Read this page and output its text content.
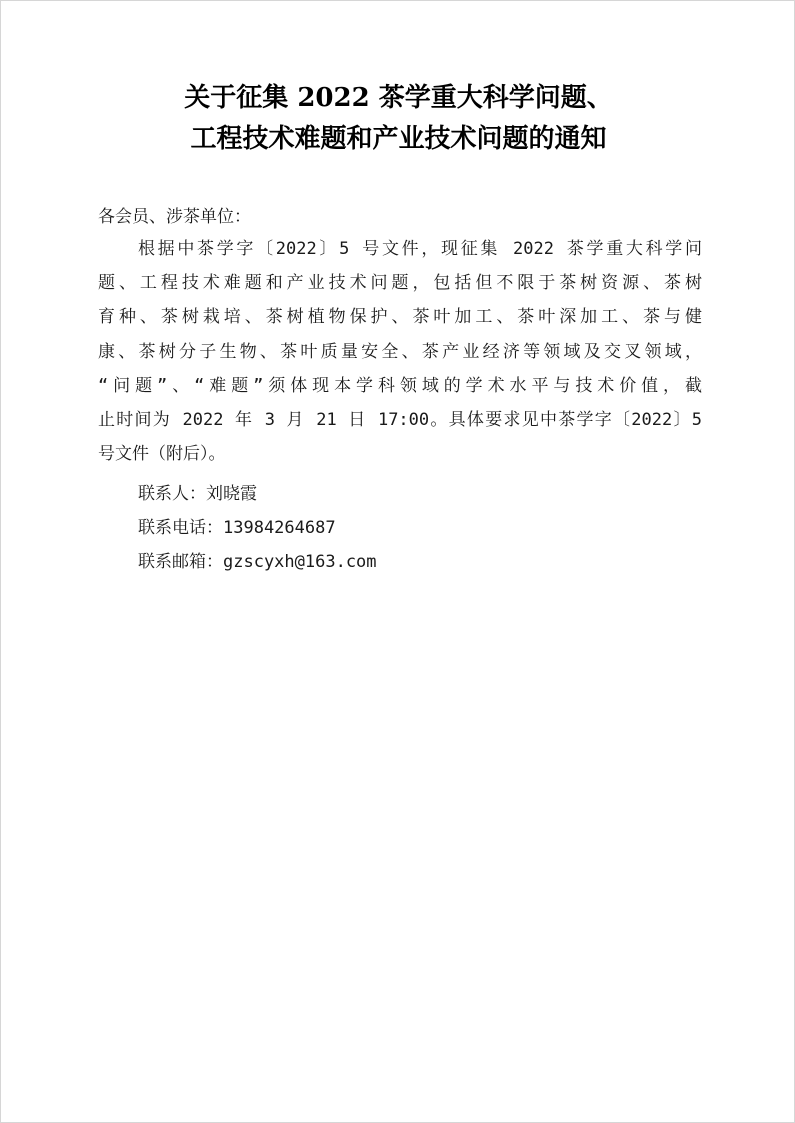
关于征集 2022 茶学重大科学问题、
工程技术难题和产业技术问题的通知
各会员、涉茶单位：
根据中茶学字〔2022〕5 号文件，现征集 2022 茶学重大科学问
题、工程技术难题和产业技术问题，包括但不限于茶树资源、茶树
育种、茶树栽培、茶树植物保护、茶叶加工、茶叶深加工、茶与健
康、茶树分子生物、茶叶质量安全、茶产业经济等领域及交叉领域，
“问题”、“难题”须体现本学科领域的学术水平与技术价值，截
止时间为 2022 年 3 月 21 日 17:00。具体要求见中茶学字〔2022〕5
号文件（附后）。
联系人：刘晓霞
联系电话：13984264687
联系邮箱：gzscyxh@163.com
